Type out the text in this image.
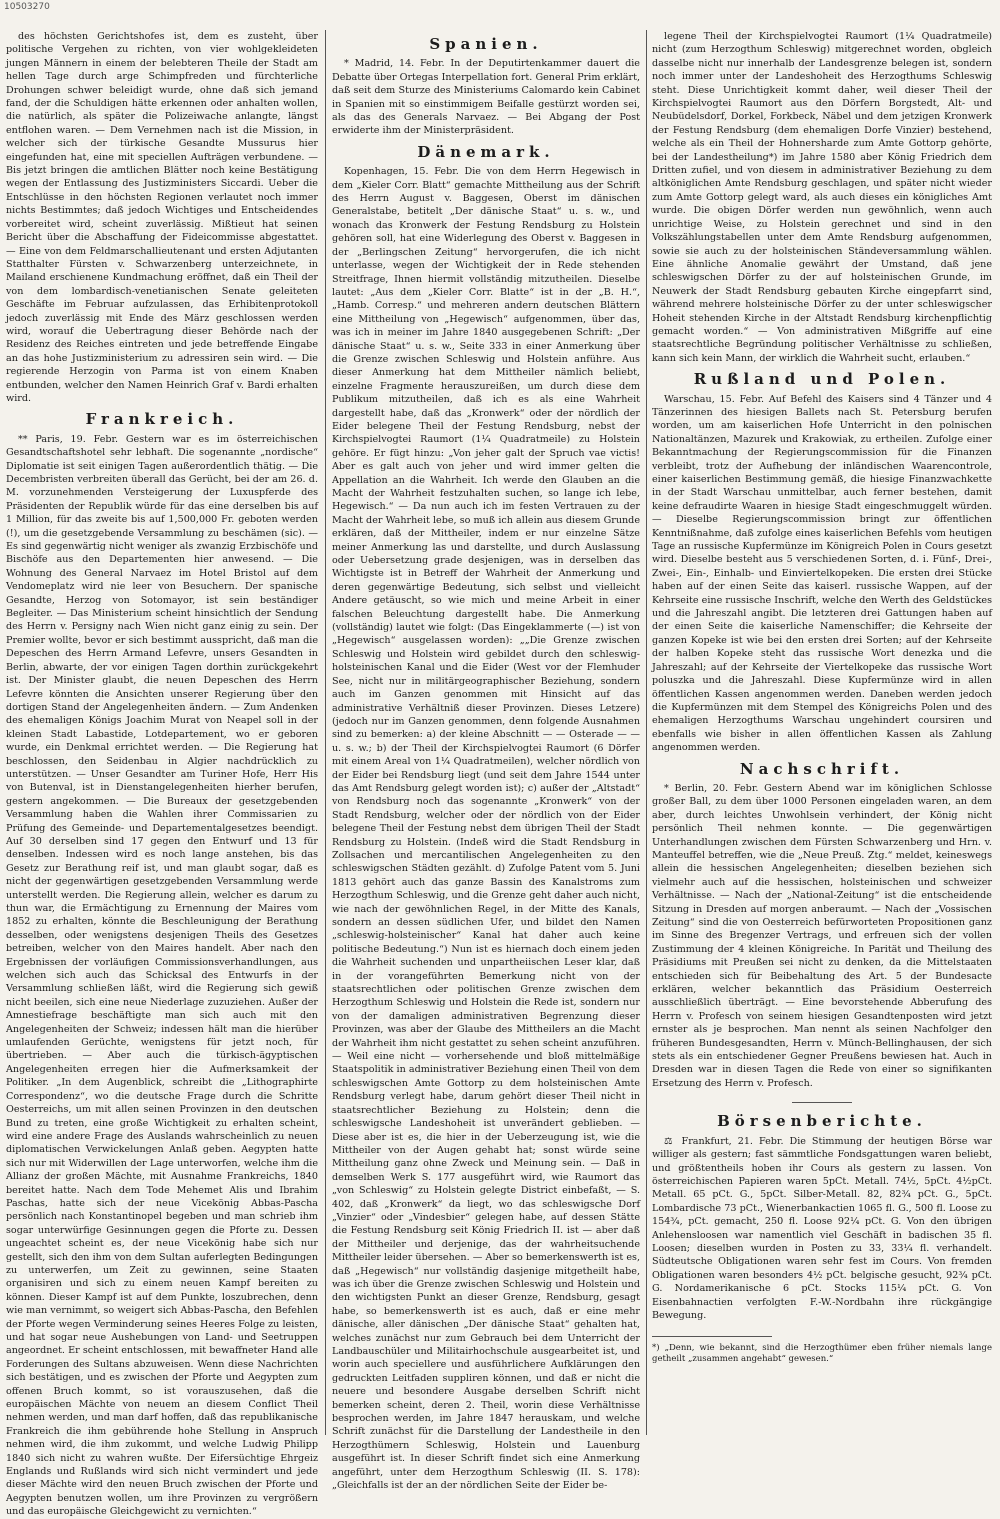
10503270

des höchsten Gerichtshofes ist, dem es zusteht, über politische Vergehen zu richten, von vier wohlgekleideten jungen Männern in einem der belebteren Theile der Stadt am hellen Tage durch arge Schimpfreden und fürchterliche Drohungen schwer beleidigt wurde, ohne daß sich jemand fand, der die Schuldigen hätte erkennen oder anhalten wollen, die natürlich, als später die Polizeiwache anlangte, längst entflohen waren. — Dem Vernehmen nach ist die Mission, in welcher sich der türkische Gesandte Mussurus hier eingefunden hat, eine mit speciellen Aufträgen verbundene. — Bis jetzt bringen die amtlichen Blätter noch keine Bestätigung wegen der Entlassung des Justizministers Siccardi. Ueber die Entschlüsse in den höchsten Regionen verlautet noch immer nichts Bestimmtes; daß jedoch Wichtiges und Entscheidendes vorbereitet wird, scheint zuverlässig. Mißtieut hat seinen Bericht über die Abschaffung der Fideicommisse abgestattet. — Eine von dem Feldmarschallieutenant und ersten Adjutanten Statthalter Fürsten v. Schwarzenberg unterzeichnete, in Mailand erschienene Kundmachung eröffnet, daß ein Theil der von dem lombardisch-venetianischen Senate geleiteten Geschäfte im Februar aufzulassen, das Erhibitenprotokoll jedoch zuverlässig mit Ende des März geschlossen werden wird, worauf die Uebertragung dieser Behörde nach der Residenz des Reiches eintreten und jede betreffende Eingabe an das hohe Justizministerium zu adressiren sein wird. — Die regierende Herzogin von Parma ist von einem Knaben entbunden, welcher den Namen Heinrich Graf v. Bardi erhalten wird.

Frankreich.

** Paris, 19. Febr. Gestern war es im österreichischen Gesandtschaftshotel sehr lebhaft. Die sogenannte „nordische“ Diplomatie ist seit einigen Tagen außerordentlich thätig. — Die Decembristen verbreiten überall das Gerücht, bei der am 26. d. M. vorzunehmenden Versteigerung der Luxuspferde des Präsidenten der Republik würde für das eine derselben bis auf 1 Million, für das zweite bis auf 1,500,000 Fr. geboten werden (!), um die gesetzgebende Versammlung zu beschämen (sic). — Es sind gegenwärtig nicht weniger als zwanzig Erzbischöfe und Bischöfe aus den Departementen hier anwesend. — Die Wohnung des General Narvaez im Hotel Bristol auf dem Vendomeplatz wird nie leer von Besuchern. Der spanische Gesandte, Herzog von Sotomayor, ist sein beständiger Begleiter. — Das Ministerium scheint hinsichtlich der Sendung des Herrn v. Persigny nach Wien nicht ganz einig zu sein. Der Premier wollte, bevor er sich bestimmt ausspricht, daß man die Depeschen des Herrn Armand Lefevre, unsers Gesandten in Berlin, abwarte, der vor einigen Tagen dorthin zurückgekehrt ist. Der Minister glaubt, die neuen Depeschen des Herrn Lefevre könnten die Ansichten unserer Regierung über den dortigen Stand der Angelegenheiten ändern. — Zum Andenken des ehemaligen Königs Joachim Murat von Neapel soll in der kleinen Stadt Labastide, Lotdepartement, wo er geboren wurde, ein Denkmal errichtet werden. — Die Regierung hat beschlossen, den Seidenbau in Algier nachdrücklich zu unterstützen. — Unser Gesandter am Turiner Hofe, Herr His von Butenval, ist in Dienstangelegenheiten hierher berufen, gestern angekommen. — Die Bureaux der gesetzgebenden Versammlung haben die Wahlen ihrer Commissarien zu Prüfung des Gemeinde- und Departementalgesetzes beendigt. Auf 30 derselben sind 17 gegen den Entwurf und 13 für denselben. Indessen wird es noch lange anstehen, bis das Gesetz zur Berathung reif ist, und man glaubt sogar, daß es nicht der gegenwärtigen gesetzgebenden Versammlung werde unterstellt werden. Die Regierung allein, welcher es darum zu thun war, die Ermächtigung zu Ernennung der Maires vom 1852 zu erhalten, könnte die Beschleunigung der Berathung desselben, oder wenigstens desjenigen Theils des Gesetzes betreiben, welcher von den Maires handelt. Aber nach den Ergebnissen der vorläufigen Commissionsverhandlungen, aus welchen sich auch das Schicksal des Entwurfs in der Versammlung schließen läßt, wird die Regierung sich gewiß nicht beeilen, sich eine neue Niederlage zuzuziehen. Außer der Amnestiefrage beschäftigte man sich auch mit den Angelegenheiten der Schweiz; indessen hält man die hierüber umlaufenden Gerüchte, wenigstens für jetzt noch, für übertrieben. — Aber auch die türkisch-ägyptischen Angelegenheiten erregen hier die Aufmerksamkeit der Politiker. „In dem Augenblick, schreibt die „Lithographirte Correspondenz“, wo die deutsche Frage durch die Schritte Oesterreichs, um mit allen seinen Provinzen in den deutschen Bund zu treten, eine große Wichtigkeit zu erhalten scheint, wird eine andere Frage des Auslands wahrscheinlich zu neuen diplomatischen Verwickelungen Anlaß geben. Aegypten hatte sich nur mit Widerwillen der Lage unterworfen, welche ihm die Allianz der großen Mächte, mit Ausnahme Frankreichs, 1840 bereitet hatte. Nach dem Tode Mehemet Alis und Ibrahim Paschas, hatte sich der neue Vicekönig Abbas-Pascha persönlich nach Konstantinopel begeben und man schrieb ihm sogar unterwürfige Gesinnungen gegen die Pforte zu. Dessen ungeachtet scheint es, der neue Vicekönig habe sich nur gestellt, sich den ihm von dem Sultan auferlegten Bedingungen zu unterwerfen, um Zeit zu gewinnen, seine Staaten organisiren und sich zu einem neuen Kampf bereiten zu können. Dieser Kampf ist auf dem Punkte, loszubrechen, denn wie man vernimmt, so weigert sich Abbas-Pascha, den Befehlen der Pforte wegen Verminderung seines Heeres Folge zu leisten, und hat sogar neue Aushebungen von Land- und Seetruppen angeordnet. Er scheint entschlossen, mit bewaffneter Hand alle Forderungen des Sultans abzuweisen. Wenn diese Nachrichten sich bestätigen, und es zwischen der Pforte und Aegypten zum offenen Bruch kommt, so ist vorauszusehen, daß die europäischen Mächte von neuem an diesem Conflict Theil nehmen werden, und man darf hoffen, daß das republikanische Frankreich die ihm gebührende hohe Stellung in Anspruch nehmen wird, die ihm zukommt, und welche Ludwig Philipp 1840 sich nicht zu wahren wußte. Der Eifersüchtige Ehrgeiz Englands und Rußlands wird sich nicht vermindert und jede dieser Mächte wird den neuen Bruch zwischen der Pforte und Aegypten benutzen wollen, um ihre Provinzen zu vergrößern und das europäische Gleichgewicht zu vernichten.“

Spanien.

* Madrid, 14. Febr. In der Deputirtenkammer dauert die Debatte über Ortegas Interpellation fort. General Prim erklärt, daß seit dem Sturze des Ministeriums Calomardo kein Cabinet in Spanien mit so einstimmigem Beifalle gestürzt worden sei, als das des Generals Narvaez. — Bei Abgang der Post erwiderte ihm der Ministerpräsident.

Dänemark.

Kopenhagen, 15. Febr. Die von dem Herrn Hegewisch in dem „Kieler Corr. Blatt“ gemachte Mittheilung aus der Schrift des Herrn August v. Baggesen, Oberst im dänischen Generalstabe, betitelt „Der dänische Staat“ u. s. w., und wonach das Kronwerk der Festung Rendsburg zu Holstein gehören soll, hat eine Widerlegung des Oberst v. Baggesen in der „Berlingschen Zeitung“ hervorgerufen, die ich nicht unterlasse, wegen der Wichtigkeit der in Rede stehenden Streitfrage, Ihnen hiermit vollständig mitzutheilen. Dieselbe lautet: „Aus dem „Kieler Corr. Blatte“ ist in der „B. H.“, „Hamb. Corresp.“ und mehreren andern deutschen Blättern eine Mittheilung von „Hegewisch“ aufgenommen, über das, was ich in meiner im Jahre 1840 ausgegebenen Schrift: „Der dänische Staat“ u. s. w., Seite 333 in einer Anmerkung über die Grenze zwischen Schleswig und Holstein anführe. Aus dieser Anmerkung hat dem Mittheiler nämlich beliebt, einzelne Fragmente herauszureißen, um durch diese dem Publikum mitzutheilen, daß ich es als eine Wahrheit dargestellt habe, daß das „Kronwerk“ oder der nördlich der Eider belegene Theil der Festung Rendsburg, nebst der Kirchspielvogtei Raumort (1¼ Quadratmeile) zu Holstein gehöre. Er fügt hinzu: „Von jeher galt der Spruch vae victis! Aber es galt auch von jeher und wird immer gelten die Appellation an die Wahrheit. Ich werde den Glauben an die Macht der Wahrheit festzuhalten suchen, so lange ich lebe, Hegewisch.“ — Da nun auch ich im festen Vertrauen zu der Macht der Wahrheit lebe, so muß ich allein aus diesem Grunde erklären, daß der Mittheiler, indem er nur einzelne Sätze meiner Anmerkung las und darstellte, und durch Auslassung oder Uebersetzung grade desjenigen, was in derselben das Wichtigste ist in Betreff der Wahrheit der Anmerkung und deren gegenwärtige Bedeutung, sich selbst und vielleicht Andere getäuscht, so wie mich und meine Arbeit in einer falschen Beleuchtung dargestellt habe. Die Anmerkung (vollständig) lautet wie folgt: (Das Eingeklammerte (—) ist von „Hegewisch“ ausgelassen worden): „„Die Grenze zwischen Schleswig und Holstein wird gebildet durch den schleswig-holsteinischen Kanal und die Eider (West vor der Flemhuder See, nicht nur in militärgeographischer Beziehung, sondern auch im Ganzen genommen mit Hinsicht auf das administrative Verhältniß dieser Provinzen. Dieses Letzere) (jedoch nur im Ganzen genommen, denn folgende Ausnahmen sind zu bemerken: a) der kleine Abschnitt — — Osterade — — u. s. w.; b) der Theil der Kirchspielvogtei Raumort (6 Dörfer mit einem Areal von 1¼ Quadratmeilen), welcher nördlich von der Eider bei Rendsburg liegt (und seit dem Jahre 1544 unter das Amt Rendsburg gelegt worden ist); c) außer der „Altstadt“ von Rendsburg noch das sogenannte „Kronwerk“ von der Stadt Rendsburg, welcher oder der nördlich von der Eider belegene Theil der Festung nebst dem übrigen Theil der Stadt Rendsburg zu Holstein. (Indeß wird die Stadt Rendsburg in Zollsachen und mercantilischen Angelegenheiten zu den schleswigschen Städten gezählt. d) Zufolge Patent vom 5. Juni 1813 gehört auch das ganze Bassin des Kanalstroms zum Herzogthum Schleswig, und die Grenze geht daher auch nicht, wie nach der gewöhnlichen Regel, in der Mitte des Kanals, sondern an dessen südlichen Ufer, und bildet den Namen „schleswig-holsteinischer“ Kanal hat daher auch keine politische Bedeutung.“) Nun ist es hiernach doch einem jeden die Wahrheit suchenden und unpartheiischen Leser klar, daß in der vorangeführten Bemerkung nicht von der staatsrechtlichen oder politischen Grenze zwischen dem Herzogthum Schleswig und Holstein die Rede ist, sondern nur von der damaligen administrativen Begrenzung dieser Provinzen, was aber der Glaube des Mittheilers an die Macht der Wahrheit ihm nicht gestattet zu sehen scheint anzuführen. — Weil eine nicht — vorhersehende und bloß mittelmäßige Staatspolitik in administrativer Beziehung einen Theil von dem schleswigschen Amte Gottorp zu dem holsteinischen Amte Rendsburg verlegt habe, darum gehört dieser Theil nicht in staatsrechtlicher Beziehung zu Holstein; denn die schleswigsche Landeshoheit ist unverändert geblieben. — Diese aber ist es, die hier in der Ueberzeugung ist, wie die Mittheiler von der Augen gehabt hat; sonst würde seine Mittheilung ganz ohne Zweck und Meinung sein. — Daß in demselben Werk S. 177 ausgeführt wird, wie Raumort das „von Schleswig“ zu Holstein gelegte District einbefaßt, — S. 402, daß „Kronwerk“ da liegt, wo das schleswigsche Dorf „Vinzier“ oder „Vindesbier“ gelegen habe, auf dessen Stätte die Festung Rendsburg seit König Friedrich II. ist — aber daß der Mittheiler und derjenige, das der wahrheitsuchende Mittheiler leider übersehen. — Aber so bemerkenswerth ist es, daß „Hegewisch“ nur vollständig dasjenige mitgetheilt habe, was ich über die Grenze zwischen Schleswig und Holstein und den wichtigsten Punkt an dieser Grenze, Rendsburg, gesagt habe, so bemerkenswerth ist es auch, daß er eine mehr dänische, aller dänischen „Der dänische Staat“ gehalten hat, welches zunächst nur zum Gebrauch bei dem Unterricht der Landbauschüler und Militairhochschule ausgearbeitet ist, und worin auch speciellere und ausführlichere Aufklärungen den gedruckten Leitfaden suppliren können, und daß er nicht die neuere und besondere Ausgabe derselben Schrift nicht bemerken scheint, deren 2. Theil, worin diese Verhältnisse besprochen werden, im Jahre 1847 herauskam, und welche Schrift zunächst für die Darstellung der Landestheile in den Herzogthümern Schleswig, Holstein und Lauenburg ausgeführt ist. In dieser Schrift findet sich eine Anmerkung angeführt, unter dem Herzogthum Schleswig (II. S. 178): „Gleichfalls ist der an der nördlichen Seite der Eider be-

legene Theil der Kirchspielvogtei Raumort (1¼ Quadratmeile) nicht (zum Herzogthum Schleswig) mitgerechnet worden, obgleich dasselbe nicht nur innerhalb der Landesgrenze belegen ist, sondern noch immer unter der Landeshoheit des Herzogthums Schleswig steht. Diese Unrichtigkeit kommt daher, weil dieser Theil der Kirchspielvogtei Raumort aus den Dörfern Borgstedt, Alt- und Neubüdelsdorf, Dorkel, Forkbeck, Näbel und dem jetzigen Kronwerk der Festung Rendsburg (dem ehemaligen Dorfe Vinzier) bestehend, welche als ein Theil der Hohnersharde zum Amte Gottorp gehörte, bei der Landestheilung*) im Jahre 1580 aber König Friedrich dem Dritten zufiel, und von diesem in administrativer Beziehung zu dem altköniglichen Amte Rendsburg geschlagen, und später nicht wieder zum Amte Gottorp gelegt ward, als auch dieses ein königliches Amt wurde. Die obigen Dörfer werden nun gewöhnlich, wenn auch unrichtige Weise, zu Holstein gerechnet und sind in den Volkszählungstabellen unter dem Amte Rendsburg aufgenommen, sowie sie auch zu der holsteinischen Ständeversammlung wählen. Eine ähnliche Anomalie gewährt der Umstand, daß jene schleswigschen Dörfer zu der auf holsteinischen Grunde, im Neuwerk der Stadt Rendsburg gebauten Kirche eingepfarrt sind, während mehrere holsteinische Dörfer zu der unter schleswigscher Hoheit stehenden Kirche in der Altstadt Rendsburg kirchenpflichtig gemacht worden.“ — Von administrativen Mißgriffe auf eine staatsrechtliche Begründung politischer Verhältnisse zu schließen, kann sich kein Mann, der wirklich die Wahrheit sucht, erlauben.“

Rußland und Polen.

Warschau, 15. Febr. Auf Befehl des Kaisers sind 4 Tänzer und 4 Tänzerinnen des hiesigen Ballets nach St. Petersburg berufen worden, um am kaiserlichen Hofe Unterricht in den polnischen Nationaltänzen, Mazurek und Krakowiak, zu ertheilen. Zufolge einer Bekanntmachung der Regierungscommission für die Finanzen verbleibt, trotz der Aufhebung der inländischen Waarencontrole, einer kaiserlichen Bestimmung gemäß, die hiesige Finanzwachkette in der Stadt Warschau unmittelbar, auch ferner bestehen, damit keine defraudirte Waaren in hiesige Stadt eingeschmuggelt würden. — Dieselbe Regierungscommission bringt zur öffentlichen Kenntnißnahme, daß zufolge eines kaiserlichen Befehls vom heutigen Tage an russische Kupfermünze im Königreich Polen in Cours gesetzt wird. Dieselbe besteht aus 5 verschiedenen Sorten, d. i. Fünf-, Drei-, Zwei-, Ein-, Einhalb- und Einviertelkopeken. Die ersten drei Stücke haben auf der einen Seite das kaiserl. russische Wappen, auf der Kehrseite eine russische Inschrift, welche den Werth des Geldstückes und die Jahreszahl angibt. Die letzteren drei Gattungen haben auf der einen Seite die kaiserliche Namenschiffer; die Kehrseite der ganzen Kopeke ist wie bei den ersten drei Sorten; auf der Kehrseite der halben Kopeke steht das russische Wort denezka und die Jahreszahl; auf der Kehrseite der Viertelkopeke das russische Wort poluszka und die Jahreszahl. Diese Kupfermünze wird in allen öffentlichen Kassen angenommen werden. Daneben werden jedoch die Kupfermünzen mit dem Stempel des Königreichs Polen und des ehemaligen Herzogthums Warschau ungehindert coursiren und ebenfalls wie bisher in allen öffentlichen Kassen als Zahlung angenommen werden.

Nachschrift.

* Berlin, 20. Febr. Gestern Abend war im königlichen Schlosse großer Ball, zu dem über 1000 Personen eingeladen waren, an dem aber, durch leichtes Unwohlsein verhindert, der König nicht persönlich Theil nehmen konnte. — Die gegenwärtigen Unterhandlungen zwischen dem Fürsten Schwarzenberg und Hrn. v. Manteuffel betreffen, wie die „Neue Preuß. Ztg.“ meldet, keineswegs allein die hessischen Angelegenheiten; dieselben beziehen sich vielmehr auch auf die hessischen, holsteinischen und schweizer Verhältnisse. — Nach der „National-Zeitung“ ist die entscheidende Sitzung in Dresden auf morgen anberaumt. — Nach der „Vossischen Zeitung“ sind die von Oesterreich befürworteten Propositionen ganz im Sinne des Bregenzer Vertrags, und erfreuen sich der vollen Zustimmung der 4 kleinen Königreiche. In Parität und Theilung des Präsidiums mit Preußen sei nicht zu denken, da die Mittelstaaten entschieden sich für Beibehaltung des Art. 5 der Bundesacte erklären, welcher bekanntlich das Präsidium Oesterreich ausschließlich überträgt. — Eine bevorstehende Abberufung des Herrn v. Profesch von seinem hiesigen Gesandtenposten wird jetzt ernster als je besprochen. Man nennt als seinen Nachfolger den früheren Bundesgesandten, Herrn v. Münch-Bellinghausen, der sich stets als ein entschiedener Gegner Preußens bewiesen hat. Auch in Dresden war in diesen Tagen die Rede von einer so signifikanten Ersetzung des Herrn v. Profesch.

Börsenberichte.

⚖ Frankfurt, 21. Febr. Die Stimmung der heutigen Börse war williger als gestern; fast sämmtliche Fondsgattungen waren beliebt, und größtentheils hoben ihr Cours als gestern zu lassen. Von österreichischen Papieren waren 5pCt. Metall. 74½, 5pCt. 4½pCt. Metall. 65 pCt. G., 5pCt. Silber-Metall. 82, 82¾ pCt. G., 5pCt. Lombardische 73 pCt., Wienerbankactien 1065 fl. G., 500 fl. Loose zu 154¾, pCt. gemacht, 250 fl. Loose 92¼ pCt. G. Von den übrigen Anlehensloosen war namentlich viel Geschäft in badischen 35 fl. Loosen; dieselben wurden in Posten zu 33, 33¼ fl. verhandelt. Südteutsche Obligationen waren sehr fest im Cours. Von fremden Obligationen waren besonders 4½ pCt. belgische gesucht, 92¾ pCt. G. Nordamerikanische 6 pCt. Stocks 115¼ pCt. G. Von Eisenbahnactien verfolgten F.-W.-Nordbahn ihre rückgängige Bewegung.

*) „Denn, wie bekannt, sind die Herzogthümer eben früher niemals lange getheilt „zusammen angehabt“ gewesen.“
